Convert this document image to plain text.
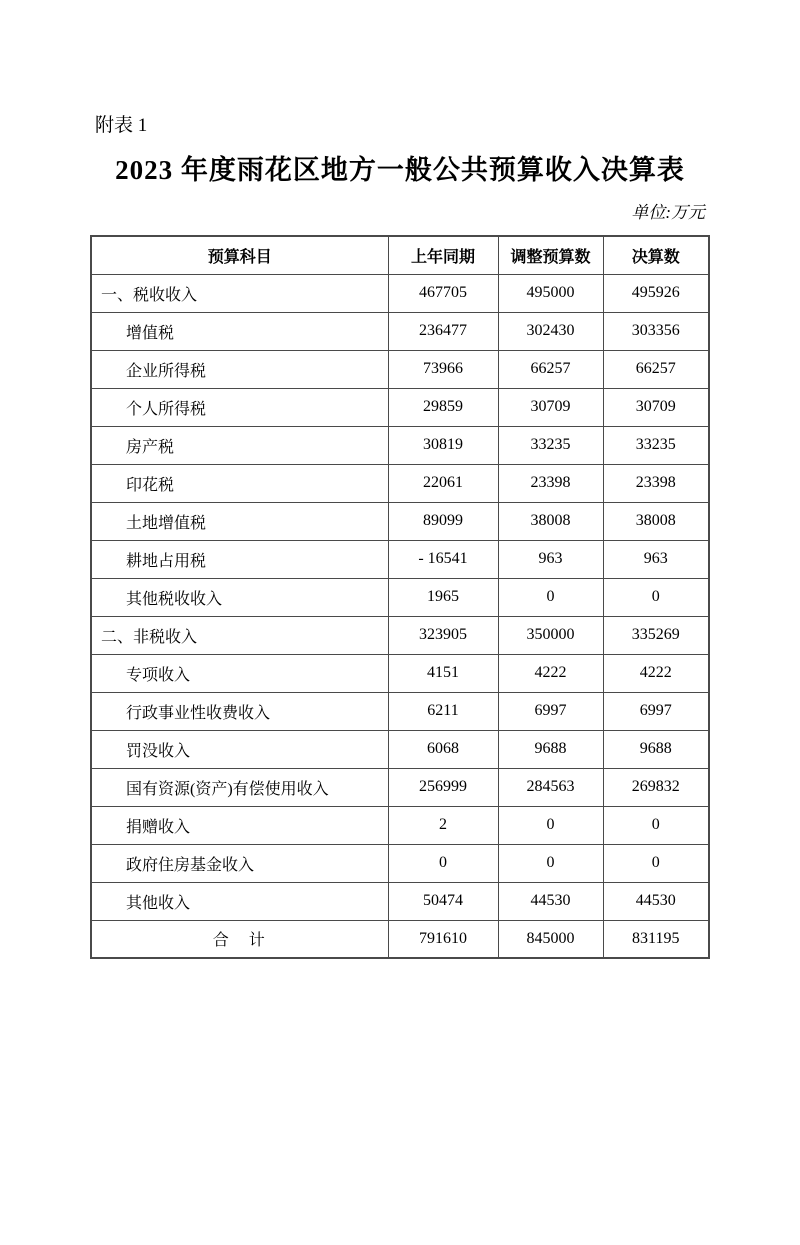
附表 1
2023 年度雨花区地方一般公共预算收入决算表
单位:万元
预算科目	上年同期	调整预算数	决算数
一、税收收入	467705	495000	495926
增值税	236477	302430	303356
企业所得税	73966	66257	66257
个人所得税	29859	30709	30709
房产税	30819	33235	33235
印花税	22061	23398	23398
土地增值税	89099	38008	38008
耕地占用税	- 16541	963	963
其他税收收入	1965	0	0
二、非税收入	323905	350000	335269
专项收入	4151	4222	4222
行政事业性收费收入	6211	6997	6997
罚没收入	6068	9688	9688
国有资源(资产)有偿使用收入	256999	284563	269832
捐赠收入	2	0	0
政府住房基金收入	0	0	0
其他收入	50474	44530	44530
合　计	791610	845000	831195
